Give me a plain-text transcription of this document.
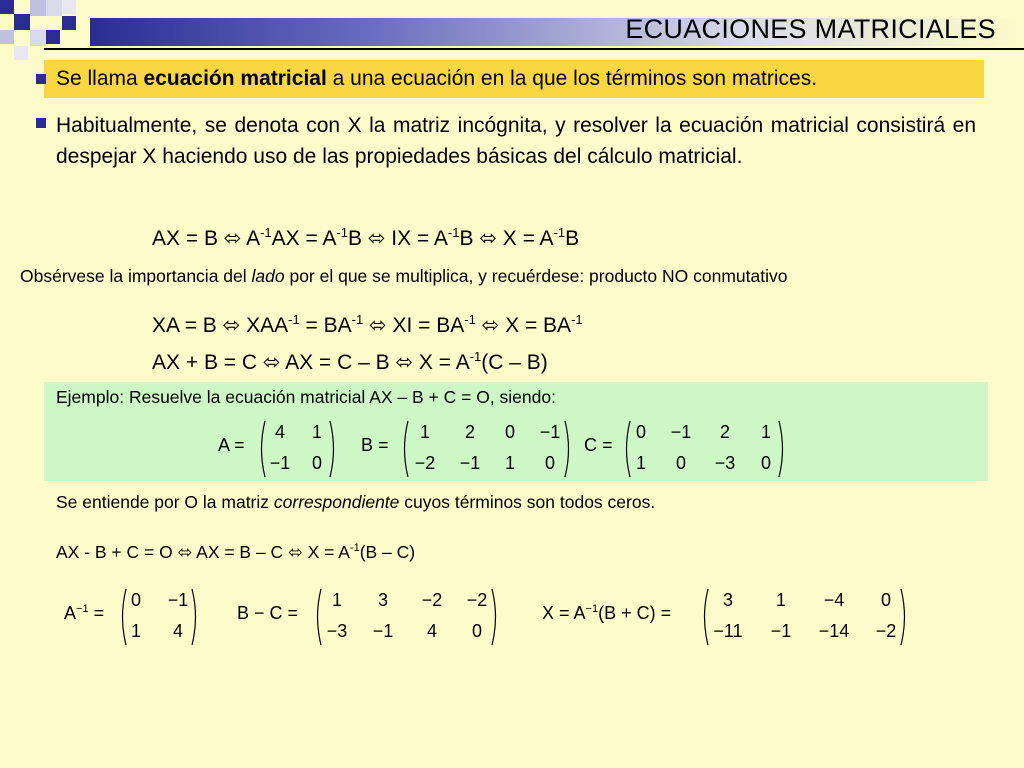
ECUACIONES MATRICIALES
Se llama ecuación matricial a una ecuación en la que los términos son matrices.
Habitualmente, se denota con X la matriz incógnita, y resolver la ecuación matricial consistirá en despejar X haciendo uso de las propiedades básicas del cálculo matricial.
AX = B ⬄ $A^{-1}AX = A^{-1}B$ ⬄ IX = $A^{-1}B$ ⬄ $X = A^{-1}B$
Obsérvese la importancia del lado por el que se multiplica, y recuérdese: producto NO conmutativo
XA = B ⬄ $XAA^{-1} = BA^{-1}$ ⬄ XI = $BA^{-1}$ ⬄ $X = BA^{-1}$
AX + B = C ⬄ AX = C – B ⬄ $X = A^{-1}(C - B)$
Ejemplo: Resuelve la ecuación matricial AX – B + C = O, siendo:
A =
4 1
−1 0
B =
1 2 0 −1
−2 −1 1 0
C =
0 −1 2 1
1 0 −3 0
Se entiende por O la matriz correspondiente cuyos términos son todos ceros.
AX - B + C = O ⬄ AX = B – C ⬄ $X = A^{-1}(B - C)$
$A^{-1}$ =
0 −1
1 4
B − C =
1 3 −2 −2
−3 −1 4 0
$X = A^{-1}(B + C)$ =
3 1 −4 0
−11 −1 −14 −2
